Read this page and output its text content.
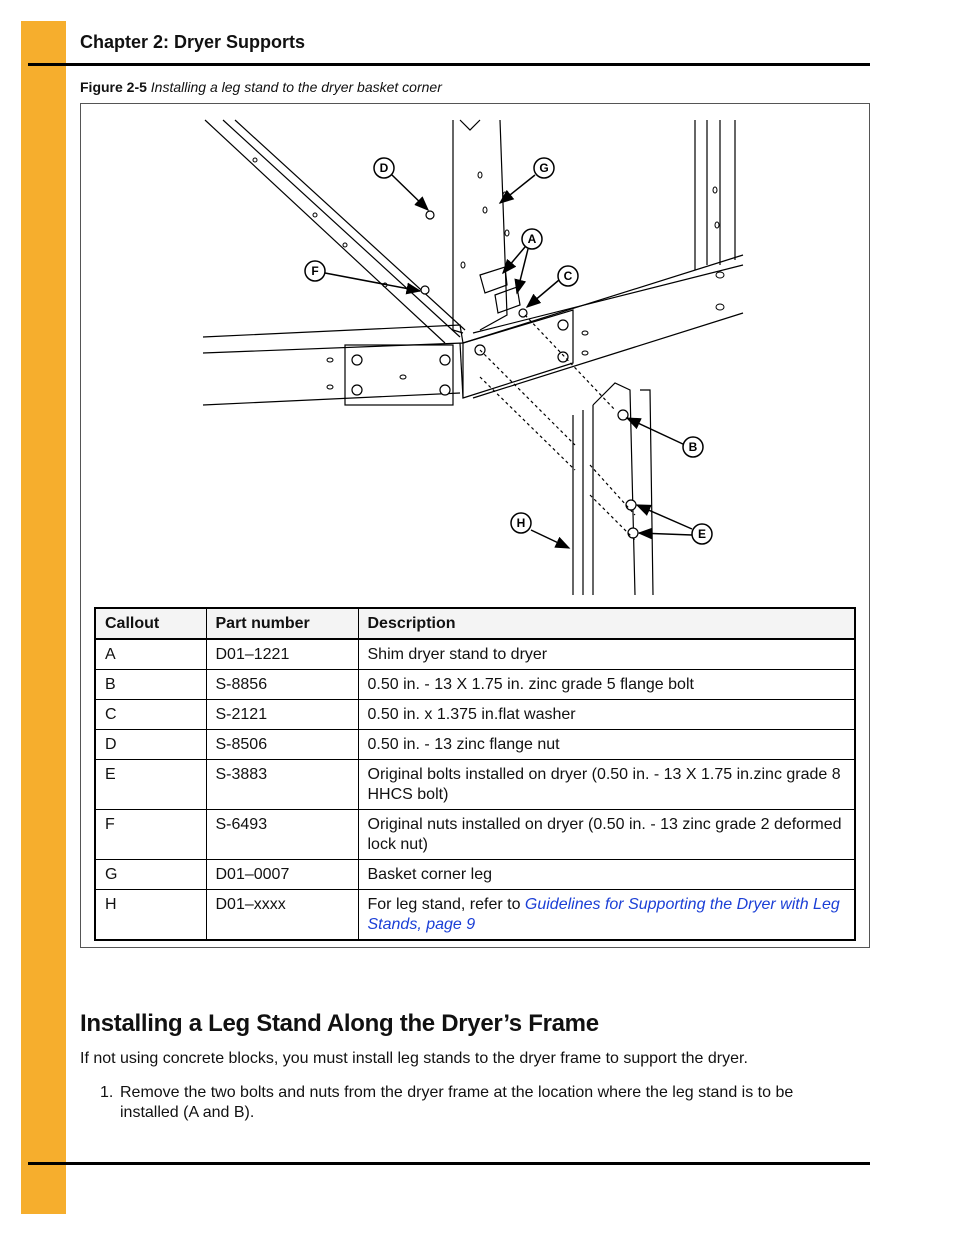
Chapter 2: Dryer Supports
Figure 2-5 Installing a leg stand to the dryer basket corner
D	G
A
C
F
B
E
H
Callout	Part number	Description
A	D01–1221	Shim dryer stand to dryer
B	S-8856	0.50 in. - 13 X 1.75 in. zinc grade 5 flange bolt
C	S-2121	0.50 in. x 1.375 in.flat washer
D	S-8506	0.50 in. - 13 zinc flange nut
E	S-3883	Original bolts installed on dryer (0.50 in. - 13 X 1.75 in.zinc grade 8 HHCS bolt)
F	S-6493	Original nuts installed on dryer (0.50 in. - 13 zinc grade 2 deformed lock nut)
G	D01–0007	Basket corner leg
H	D01–xxxx	For leg stand, refer to Guidelines for Supporting the Dryer with Leg Stands, page 9
Installing a Leg Stand Along the Dryer’s Frame

If not using concrete blocks, you must install leg stands to the dryer frame to support the dryer.

1. Remove the two bolts and nuts from the dryer frame at the location where the leg stand is to be installed (A and B).
